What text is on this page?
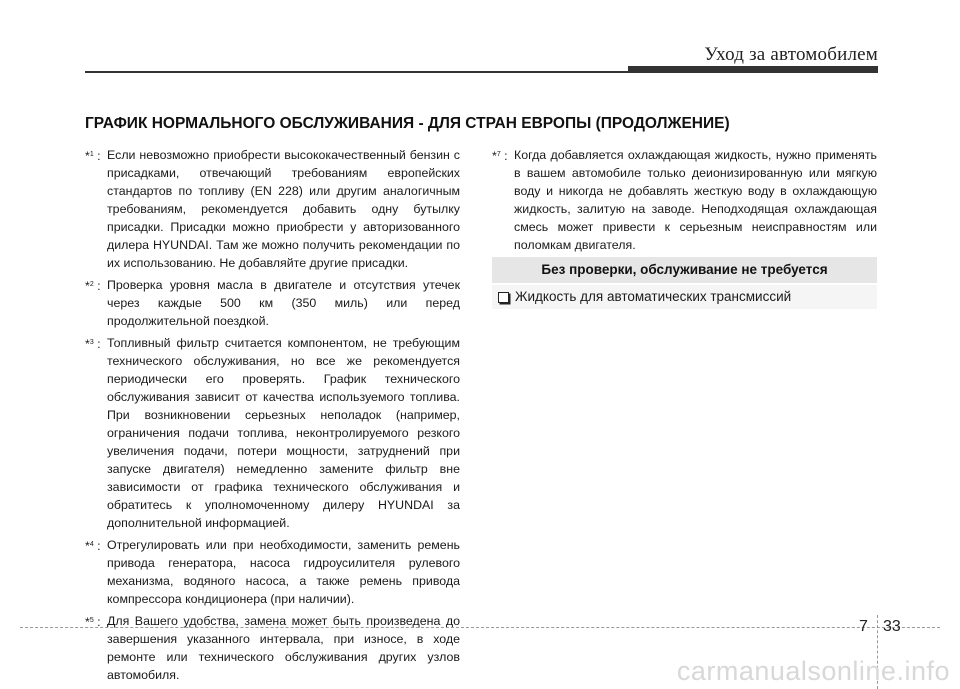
Уход за автомобилем
ГРАФИК НОРМАЛЬНОГО ОБСЛУЖИВАНИЯ - ДЛЯ СТРАН ЕВРОПЫ (ПРОДОЛЖЕНИЕ)
*$^1$ : Если невозможно приобрести высококачественный бензин с присадками, отвечающий требованиям европейских стандартов по топливу (EN 228) или другим аналогичным требованиям, рекомендуется добавить одну бутылку присадки. Присадки можно приобрести у авторизованного дилера HYUNDAI. Там же можно получить рекомендации по их использованию. Не добавляйте другие присадки.
*$^2$ : Проверка уровня масла в двигателе и отсутствия утечек через каждые 500 км (350 миль) или перед продолжительной поездкой.
*$^3$ : Топливный фильтр считается компонентом, не требующим технического обслуживания, но все же рекомендуется периодически его проверять. График технического обслуживания зависит от качества используемого топлива. При возникновении серьезных неполадок (например, ограничения подачи топлива, неконтролируемого резкого увеличения подачи, потери мощности, затруднений при запуске двигателя) немедленно замените фильтр вне зависимости от графика технического обслуживания и обратитесь к уполномоченному дилеру HYUNDAI за дополнительной информацией.
*$^4$ : Отрегулировать или при необходимости, заменить ремень привода генератора, насоса гидроусилителя рулевого механизма, водяного насоса, а также ремень привода компрессора кондиционера (при наличии).
*$^5$ : Для Вашего удобства, замена может быть произведена до завершения указанного интервала, при износе, в ходе ремонте или технического обслуживания других узлов автомобиля.
*$^7$ : Когда добавляется охлаждающая жидкость, нужно применять в вашем автомобиле только деионизированную или мягкую воду и никогда не добавлять жесткую воду в охлаждающую жидкость, залитую на заводе. Неподходящая охлаждающая смесь может привести к серьезным неисправностям или поломкам двигателя.
Без проверки, обслуживание не требуется
Жидкость для автоматических трансмиссий
7 33
carmanualsonline.info
